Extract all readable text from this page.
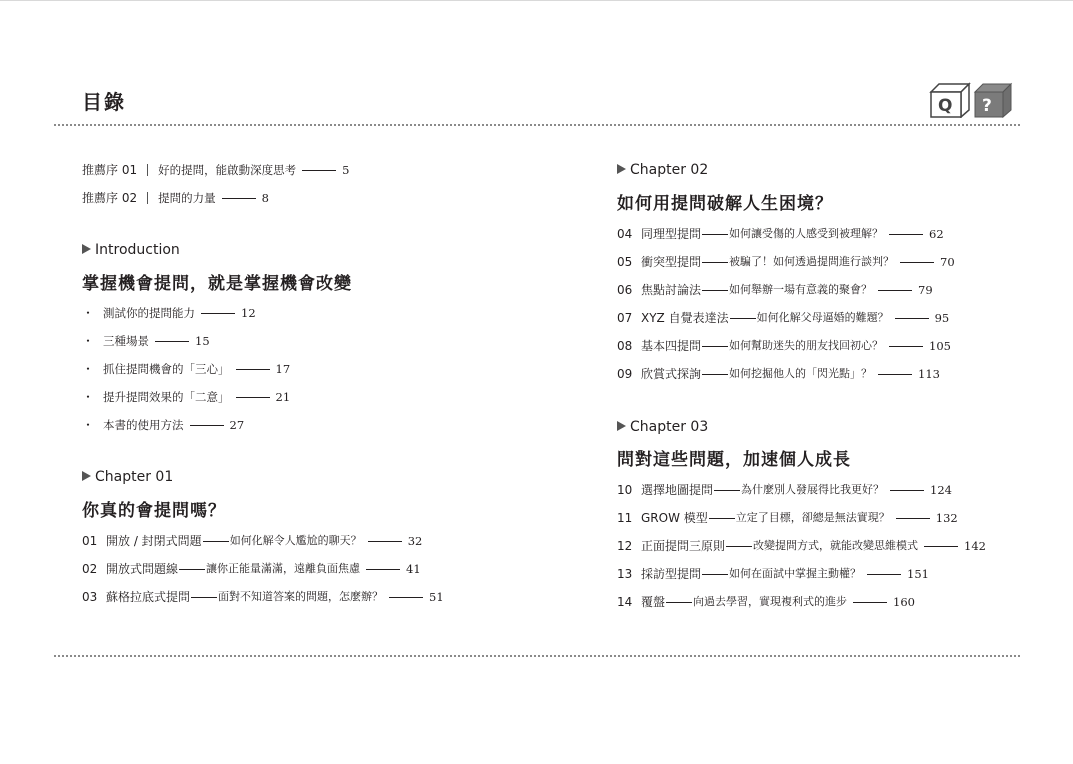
目錄	Q ?
推薦序 01 好的提問，能啟動深度思考	5
推薦序 02 提問的力量	8
Introduction
掌握機會提問，就是掌握機會改變
・ 測試你的提問能力	12
・ 三種場景	15
・ 抓住提問機會的「三心」	17
・ 提升提問效果的「二意」	21
・ 本書的使用方法	27
Chapter 01
你真的會提問嗎？
01 開放 / 封閉式問題	如何化解令人尷尬的聊天？	32
02 開放式問題線	讓你正能量滿滿，遠離負面焦慮	41
03 蘇格拉底式提問	面對不知道答案的問題，怎麼辦？	51
Chapter 02
如何用提問破解人生困境？
04 同理型提問	如何讓受傷的人感受到被理解？	62
05 衝突型提問	被騙了！如何透過提問進行談判？	70
06 焦點討論法	如何舉辦一場有意義的聚會？	79
07 XYZ 自覺表達法	如何化解父母逼婚的難題？	95
08 基本四提問	如何幫助迷失的朋友找回初心？	105
09 欣賞式探詢	如何挖掘他人的「閃光點」？	113
Chapter 03
問對這些問題，加速個人成長
10 選擇地圖提問	為什麼別人發展得比我更好？	124
11 GROW 模型	立定了目標，卻總是無法實現？	132
12 正面提問三原則	改變提問方式，就能改變思維模式	142
13 採訪型提問	如何在面試中掌握主動權？	151
14 覆盤	向過去學習，實現複利式的進步	160
